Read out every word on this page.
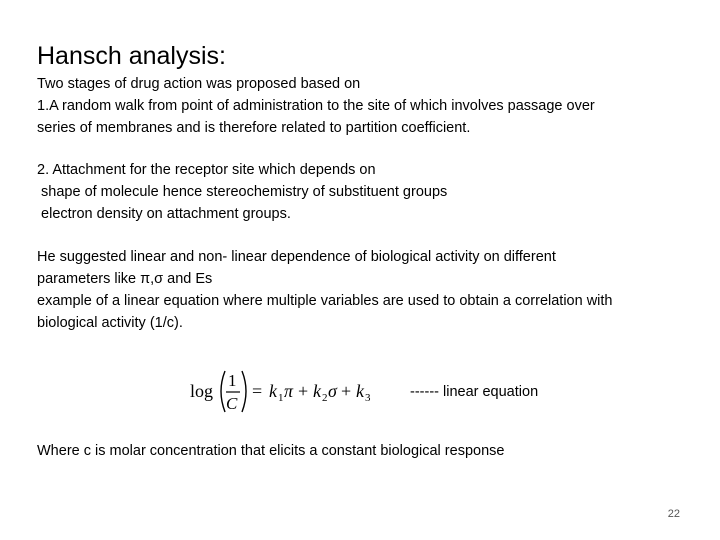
Hansch analysis:
Two stages of drug action was proposed based on
1.A random walk from point of administration to the site of which involves passage over
series of membranes and is therefore related to partition coefficient.
2. Attachment for the receptor site which depends on
shape of molecule hence stereochemistry of substituent groups
electron density on attachment groups.
He suggested linear and non- linear dependence of biological activity on different
parameters like π,σ and Es
example of a linear equation where multiple variables are used to obtain a correlation with
biological activity (1/c).
log
1
C
= k 1 π + k 2 σ + k 3	------ linear equation
Where c is molar concentration that elicits a constant biological response
22
